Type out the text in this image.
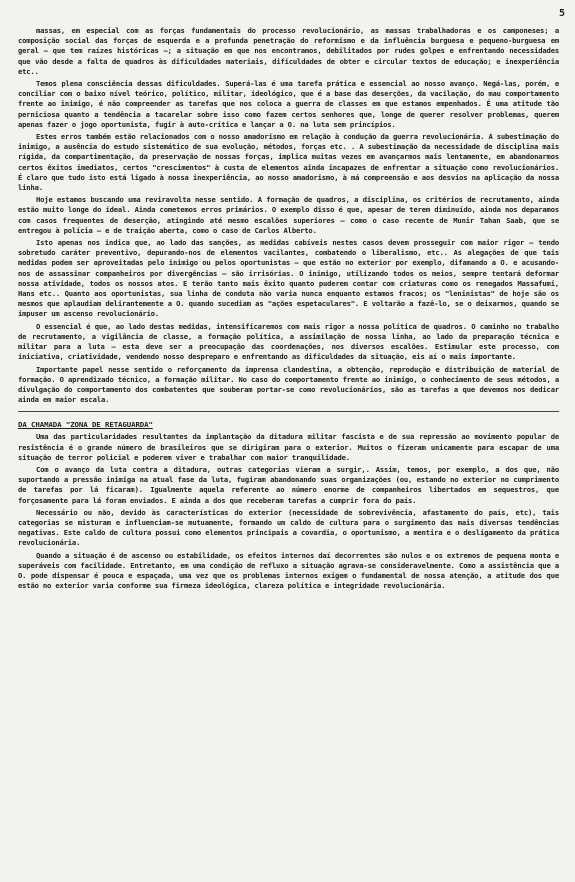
5

massas, em especial com as forças fundamentais do processo revolucionário, as massas trabalhadoras e os camponeses; a composição social das forças de esquerda e a profunda penetração do reformismo e da influência burguesa e pequeno-burguesa em geral – que tem raízes históricas –; a situação em que nos encontramos, debilitados por rudes golpes e enfrentando necessidades que vão desde a falta de quadros às dificuldades materiais, dificuldades de obter e circular textos de educação; e inexperiência etc..

Temos plena consciência dessas dificuldades. Superá-las é uma tarefa prática e essencial ao nosso avanço. Negá-las, porém, e conciliar com o baixo nível teórico, político, militar, ideológico, que é a base das deserções, da vacilação, do mau comportamento frente ao inimigo, é não compreender as tarefas que nos coloca a guerra de classes em que estamos empenhados. É uma atitude tão perniciosa quanto a tendência a tacarelar sobre isso como fazem certos senhores que, longe de querer resolver problemas, querem apenas fazer o jogo oportunista, fugir à auto-crítica e lançar a O. na luta sem princípios.

Estes erros também estão relacionados com o nosso amadorismo em relação à condução da guerra revolucionária. A subestimação do inimigo, a ausência do estudo sistemático de sua evolução, métodos, forças etc. . A subestimação da necessidade de disciplina mais rígida, da compartimentação, da preservação de nossas forças, implica muitas vezes em avançarmos mais lentamente, em abandonarmos certos êxitos imediatos, certos "crescimentos" à custa de elementos ainda incapazes de enfrentar a situação como revolucionários. É claro que tudo isto está ligado à nossa inexperiência, ao nosso amadorismo, à má compreensão e aos desvios na aplicação da nossa linha.

Hoje estamos buscando uma reviravolta nesse sentido. A formação de quadros, a disciplina, os critérios de recrutamento, ainda estão muito longe do ideal. Ainda cometemos erros primários. O exemplo disso é que, apesar de terem diminuído, ainda nos deparamos com casos frequentes de deserção, atingindo até mesmo escalões superiores – como o caso recente de Munir Tahan Saab, que se entregou à polícia – e de traição aberta, como o caso de Carlos Alberto.

Isto apenas nos indica que, ao lado das sanções, as medidas cabíveis nestes casos devem prosseguir com maior rigor – tendo sobretudo caráter preventivo, depurando-nos de elementos vacilantes, combatendo o liberalismo, etc.. As alegações de que tais medidas podem ser aproveitadas pelo inimigo ou pelos oportunistas – que estão no exterior por exemplo, difamando a O. e acusando-nos de assassinar companheiros por divergências – são irrisórias. O inimigo, utilizando todos os meios, sempre tentará deformar nossa atividade, todos os nossos atos. E terão tanto mais êxito quanto puderem contar com criaturas como os renegados Massafumi, Hans etc.. Quanto aos oportunistas, sua linha de conduta não varia nunca enquanto estamos fracos; os "leninistas" de hoje são os mesmos que aplaudiam delirantemente a O. quando sucediam as "ações espetaculares". E voltarão a fazê-lo, se o deixarmos, quando se impuser um ascenso revolucionário.

O essencial é que, ao lado destas medidas, intensificaremos com mais rigor a nossa política de quadros. O caminho no trabalho de recrutamento, a vigilância de classe, a formação política, a assimilação de nossa linha, ao lado da preparação técnica e militar para a luta – esta deve ser a preocupação das coordenações, nos diversos escalões. Estimular este processo, com iniciativa, criatividade, vendendo nosso despreparo e enfrentando as dificuldades da situação, eis aí o mais importante.

Importante papel nesse sentido o reforçamento da imprensa clandestina, a obtenção, reprodução e distribuição de material de formação. O aprendizado técnico, a formação militar. No caso do comportamento frente ao inimigo, o conhecimento de seus métodos, a divulgação do comportamento dos combatentes que souberam portar-se como revolucionários, são as tarefas a que devemos nos dedicar ainda em maior escala.

DA CHAMADA "ZONA DE RETAGUARDA"

Uma das particularidades resultantes da implantação da ditadura militar fascista e de sua repressão ao movimento popular de resistência é o grande número de brasileiros que se dirigiram para o exterior. Muitos o fizeram unicamente para escapar de uma situação de terror policial e poderem viver e trabalhar com maior tranquilidade.

Com o avanço da luta contra a ditadura, outras categorias vieram a surgir,. Assim, temos, por exemplo, a dos que, não suportando a pressão inimiga na atual fase da luta, fugiram abandonando suas organizações (ou, estando no exterior no cumprimento de tarefas por lá ficaram). Igualmente aquela referente ao número enorme de companheiros libertados em sequestros, que forçosamente para lá foram enviados. E ainda a dos que receberam tarefas a cumprir fora do país.

Necessário ou não, devido às características do exterior (necessidade de sobrevivência, afastamento do país, etc), tais categorias se misturam e influenciam-se mutuamente, formando um caldo de cultura para o surgimento das mais diversas tendências negativas. Este caldo de cultura possui como elementos principais a covardia, o oportunismo, a mentira e o desligamento da prática revolucionária.

Quando a situação é de ascenso ou estabilidade, os efeitos internos daí decorrentes são nulos e os extremos de pequena monta e superáveis com facilidade. Entretanto, em uma condição de refluxo a situação agrava-se consideravelmente. Como a assistência que a O. pode dispensar é pouca e espaçada, uma vez que os problemas internos exigem o fundamental de nossa atenção, a atitude dos que estão no exterior varia conforme sua firmeza ideológica, clareza política e integridade revolucionária.
